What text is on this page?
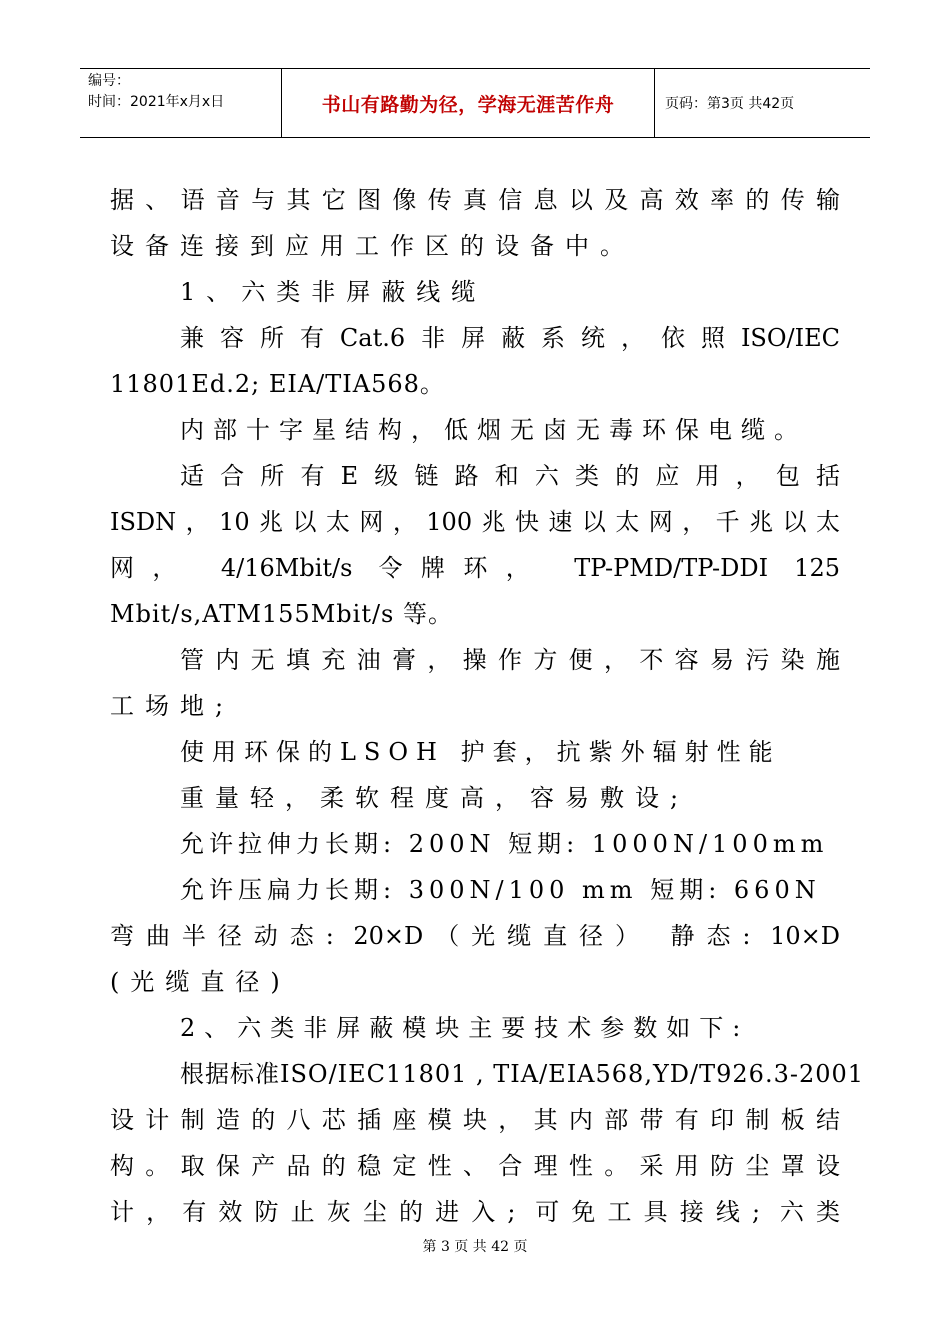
编号：
时间：2021年x月x日	书山有路勤为径，学海无涯苦作舟	页码：第3页 共42页
据、语音与其它图像传真信息以及高效率的传输
设备连接到应用工作区的设备中。
1、六类非屏蔽线缆
兼容所有Cat.6非屏蔽系统，依照ISO/IEC
11801Ed.2; EIA/TIA568。
内部十字星结构，低烟无卤无毒环保电缆。
适合所有E级链路和六类的应用，包括
ISDN，10兆以太网，100兆快速以太网，千兆以太
网， 4/16Mbit/s 令牌环， TP-PMD/TP-DDI 125
Mbit/s,ATM155Mbit/s 等。
管内无填充油膏，操作方便，不容易污染施
工场地;
使用环保的LSOH 护套，抗紫外辐射性能
重量轻，柔软程度高，容易敷设;
允许拉伸力长期: 200N 短期: 1000N/100mm
允许压扁力长期: 300N/100 mm 短期: 660N
弯曲半径动态: 20×D（光缆直径） 静态: 10×D
(光缆直径)
2、六类非屏蔽模块主要技术参数如下:
根据标准ISO/IEC11801 , TIA/EIA568,YD/T926.3-2001
设计制造的八芯插座模块，其内部带有印制板结
构。取保产品的稳定性、合理性。采用防尘罩设
计，有效防止灰尘的进入; 可免工具接线; 六类
第 3 页 共 42 页
